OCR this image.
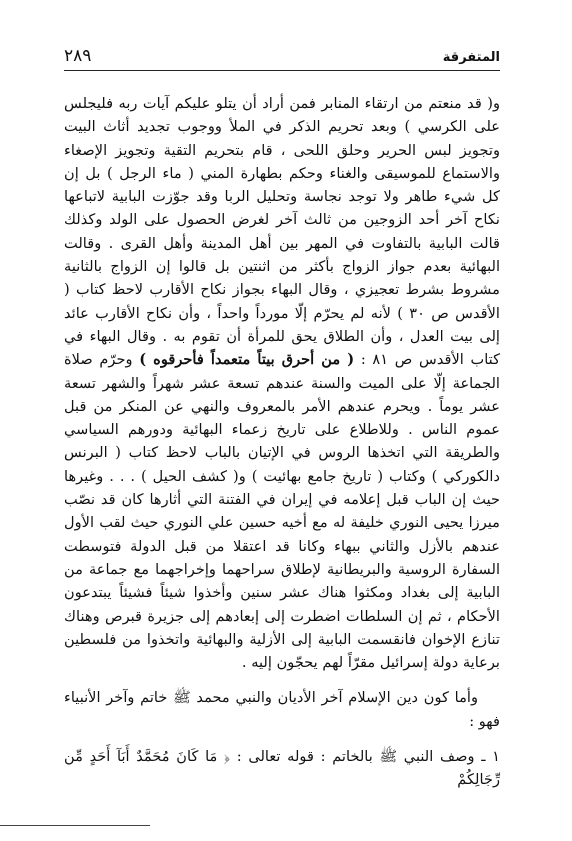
المتفرقة
٢٨٩

و( قد منعتم من ارتقاء المنابر فمن أراد أن يتلو عليكم آيات ربه فليجلس على الكرسي ) وبعد تحريم الذكر في الملأ ووجوب تجديد أثاث البيت وتجويز لبس الحرير وحلق اللحى ، قام بتحريم التقية وتجويز الإصغاء والاستماع للموسيقى والغناء وحكم بطهارة المني ( ماء الرجل ) بل إن كل شيء طاهر ولا توجد نجاسة وتحليل الربا وقد جوّزت البابية لاتباعها نكاح آخر أحد الزوجين من ثالث آخر لغرض الحصول على الولد وكذلك قالت البابية بالتفاوت في المهر بين أهل المدينة وأهل القرى . وقالت البهائية بعدم جواز الزواج بأكثر من اثنتين بل قالوا إن الزواج بالثانية مشروط بشرط تعجيزي ، وقال البهاء بجواز نكاح الأقارب لاحظ كتاب ( الأقدس ص ٣٠ ) لأنه لم يحرّم إلّا مورداً واحداً ، وأن نكاح الأقارب عائد إلى بيت العدل ، وأن الطلاق يحق للمرأة أن تقوم به . وقال البهاء في كتاب الأقدس ص ٨١ : ( من أحرق بيتاً متعمداً فأحرقوه ) وحرّم صلاة الجماعة إلّا على الميت والسنة عندهم تسعة عشر شهراً والشهر تسعة عشر يوماً . ويحرم عندهم الأمر بالمعروف والنهي عن المنكر من قبل عموم الناس . وللاطلاع على تاريخ زعماء البهائية ودورهم السياسي والطريقة التي اتخذها الروس في الإتيان بالباب لاحظ كتاب ( البرنس دالكوركي ) وكتاب ( تاريخ جامع بهائيت ) و( كشف الحيل ) . . . وغيرها حيث إن الباب قبل إعلامه في إيران في الفتنة التي أثارها كان قد نصّب ميرزا يحيى النوري خليفة له مع أخيه حسين علي النوري حيث لقب الأول عندهم بالأزل والثاني ببهاء وكانا قد اعتقلا من قبل الدولة فتوسطت السفارة الروسية والبريطانية لإطلاق سراحهما وإخراجهما مع جماعة من البابية إلى بغداد ومكثوا هناك عشر سنين وأخذوا شيئاً فشيئاً يبتدعون الأحكام ، ثم إن السلطات اضطرت إلى إبعادهم إلى جزيرة قبرص وهناك تنازع الإخوان فانقسمت البابية إلى الأزلية والبهائية واتخذوا من فلسطين برعاية دولة إسرائيل مقرّاً لهم يحجّون إليه .

وأما كون دين الإسلام آخر الأديان والنبي محمد ﷺ خاتم وآخر الأنبياء فهو :

١ ـ وصف النبي ﷺ بالخاتم : قوله تعالى : ﴿ مَا كَانَ مُحَمَّدٌ أَبَآ أَحَدٍ مِّن رِّجَالِكُمْ
